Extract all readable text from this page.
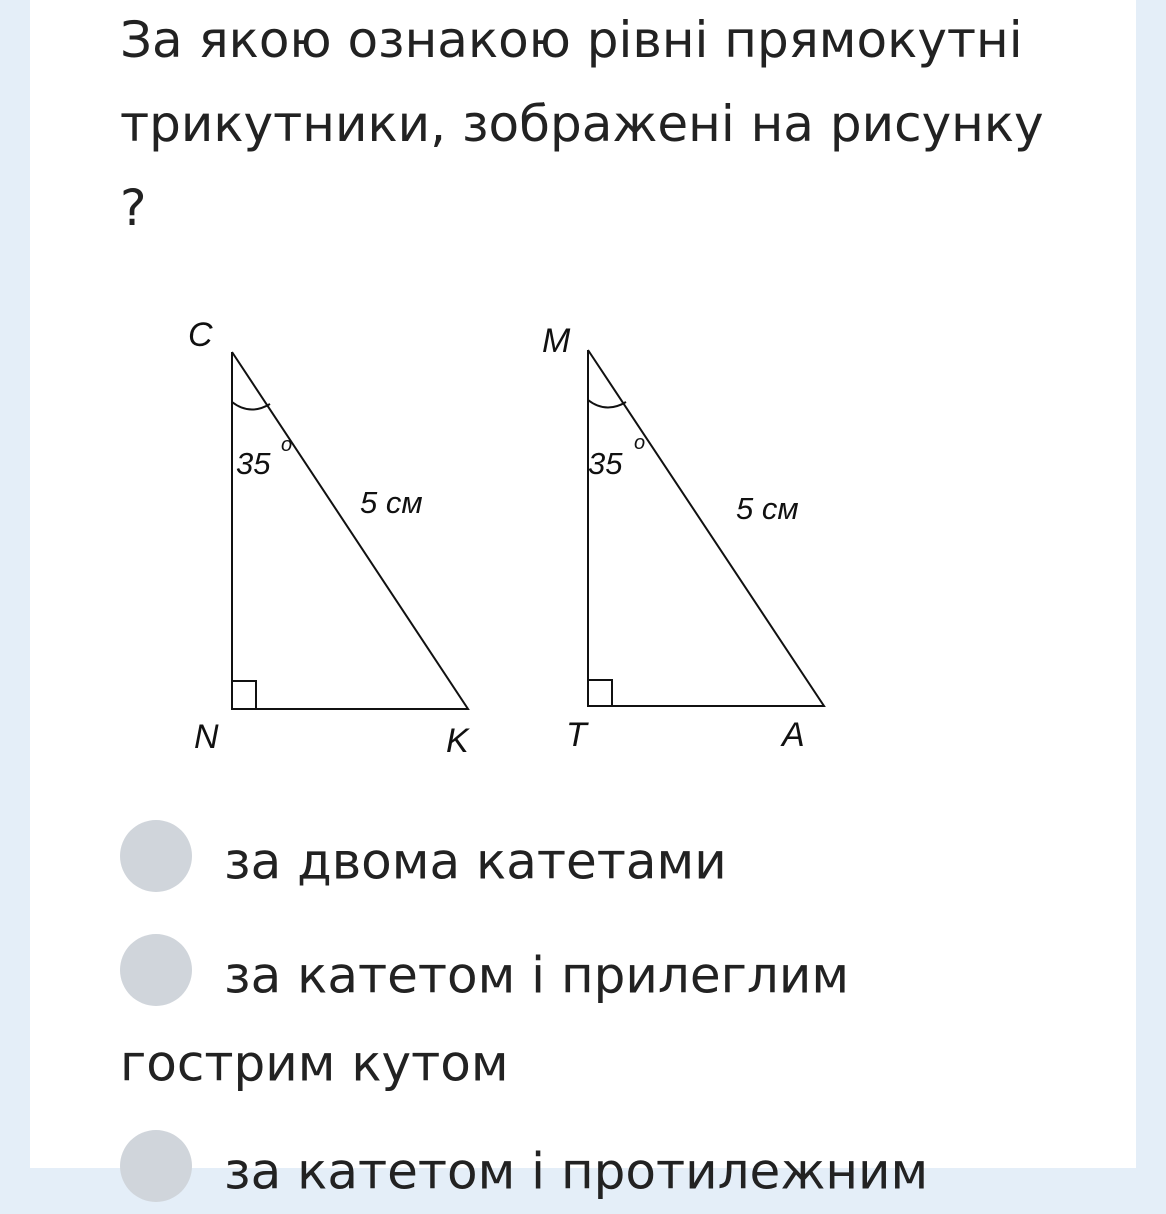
За якою ознакою рівні прямокутні трикутники, зображені на рисунку ?
C
N	K
35
o
5 см
M
T	A
35
o
5 см
за двома катетами
за катетом і прилеглим гострим кутом
за катетом і протилежним
